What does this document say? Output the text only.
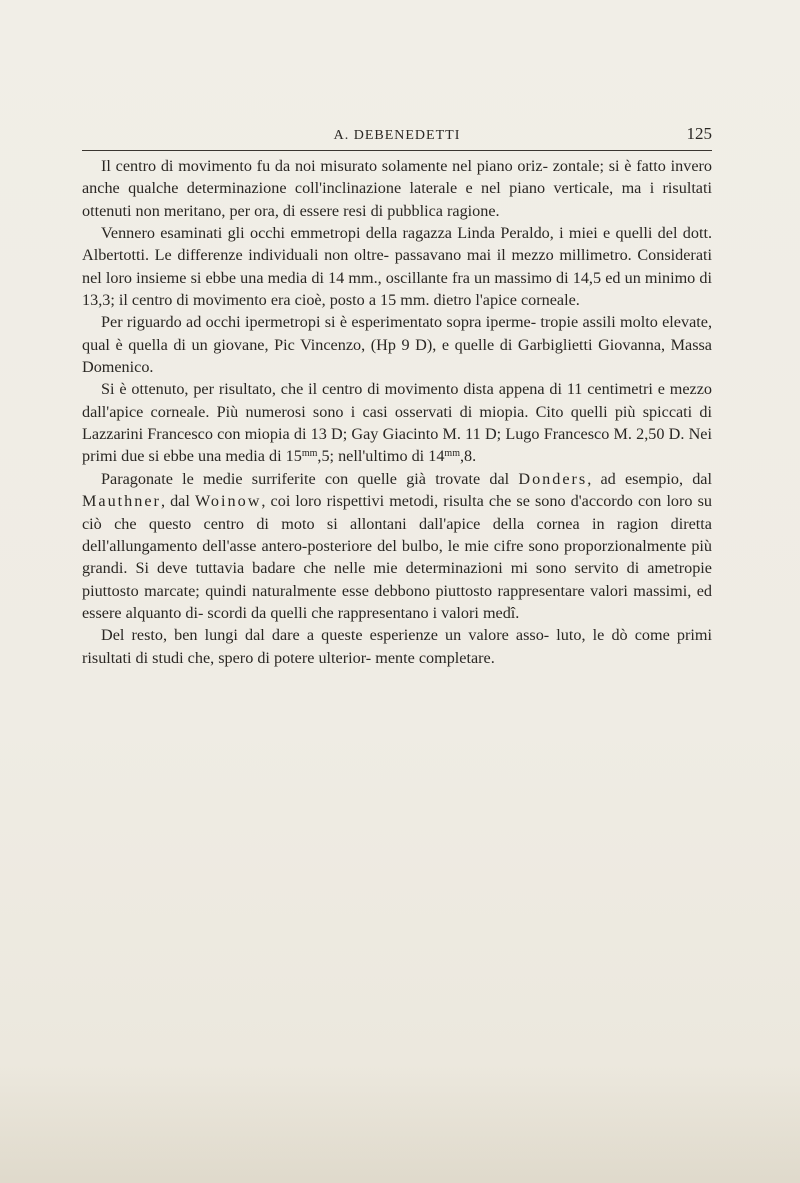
A. DEBENEDETTI	125

Il centro di movimento fu da noi misurato solamente nel piano oriz- zontale; si è fatto invero anche qualche determinazione coll'inclinazione laterale e nel piano verticale, ma i risultati ottenuti non meritano, per ora, di essere resi di pubblica ragione.

Vennero esaminati gli occhi emmetropi della ragazza Linda Peraldo, i miei e quelli del dott. Albertotti. Le differenze individuali non oltre- passavano mai il mezzo millimetro. Considerati nel loro insieme si ebbe una media di 14 mm., oscillante fra un massimo di 14,5 ed un minimo di 13,3; il centro di movimento era cioè, posto a 15 mm. dietro l'apice corneale.

Per riguardo ad occhi ipermetropi si è esperimentato sopra iperme- tropie assili molto elevate, qual è quella di un giovane, Pic Vincenzo, (Hp 9 D), e quelle di Garbiglietti Giovanna, Massa Domenico.

Si è ottenuto, per risultato, che il centro di movimento dista appena di 11 centimetri e mezzo dall'apice corneale. Più numerosi sono i casi osservati di miopia. Cito quelli più spiccati di Lazzarini Francesco con miopia di 13 D; Gay Giacinto M. 11 D; Lugo Francesco M. 2,50 D. Nei primi due si ebbe una media di $15^{mm},5$; nell'ultimo di $14^{mm},8$.

Paragonate le medie surriferite con quelle già trovate dal Donders, ad esempio, dal Mauthner, dal Woinow, coi loro rispettivi metodi, risulta che se sono d'accordo con loro su ciò che questo centro di moto si allontani dall'apice della cornea in ragion diretta dell'allungamento dell'asse antero-posteriore del bulbo, le mie cifre sono proporzionalmente più grandi. Si deve tuttavia badare che nelle mie determinazioni mi sono servito di ametropie piuttosto marcate; quindi naturalmente esse debbono piuttosto rappresentare valori massimi, ed essere alquanto di- scordi da quelli che rappresentano i valori medî.

Del resto, ben lungi dal dare a queste esperienze un valore asso- luto, le dò come primi risultati di studi che, spero di potere ulterior- mente completare.
